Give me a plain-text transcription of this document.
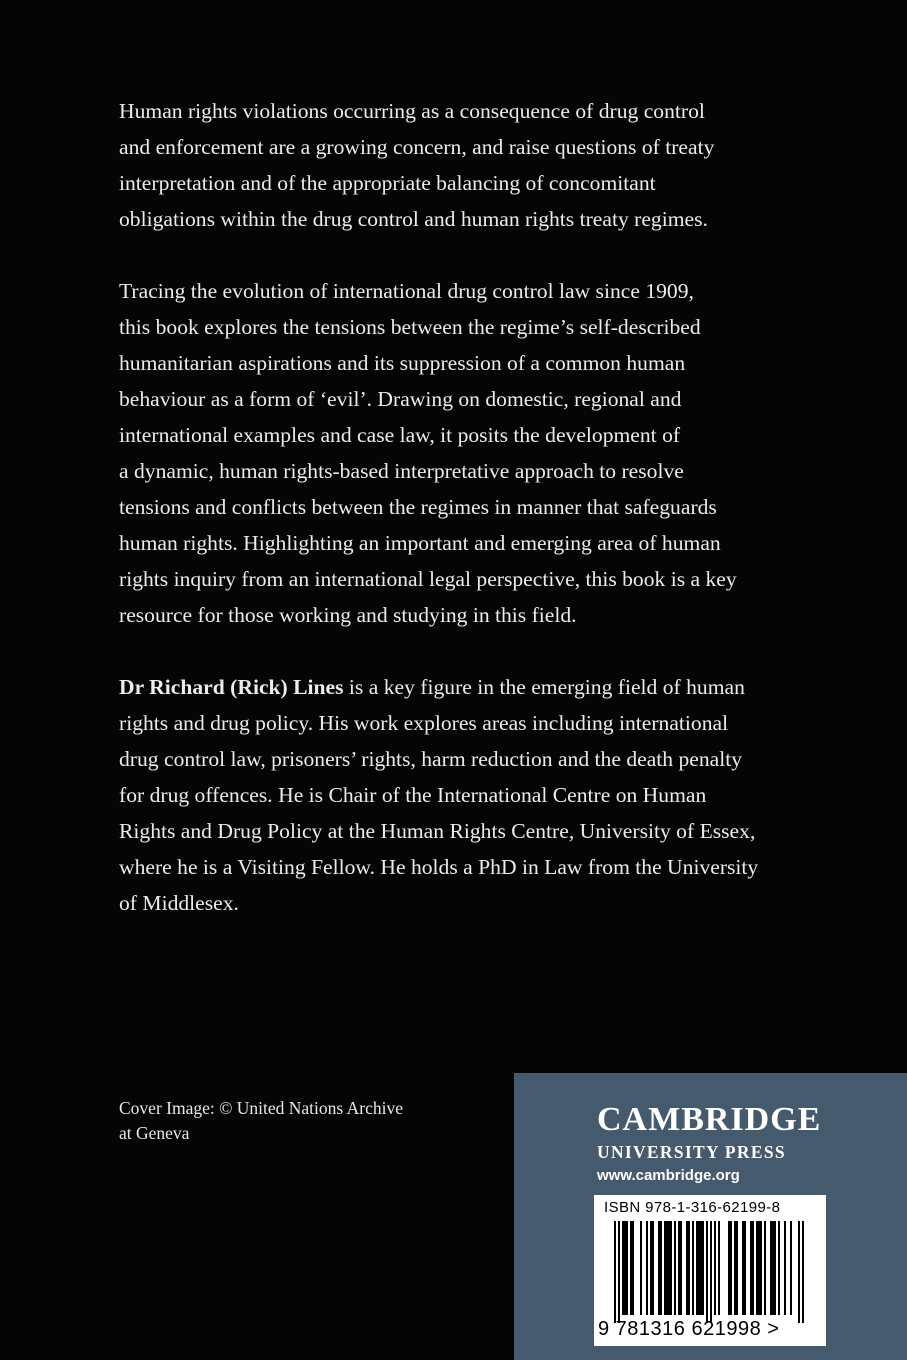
Human rights violations occurring as a consequence of drug control
and enforcement are a growing concern, and raise questions of treaty
interpretation and of the appropriate balancing of concomitant
obligations within the drug control and human rights treaty regimes.

Tracing the evolution of international drug control law since 1909,
this book explores the tensions between the regime’s self-described
humanitarian aspirations and its suppression of a common human
behaviour as a form of ‘evil’. Drawing on domestic, regional and
international examples and case law, it posits the development of
a dynamic, human rights-based interpretative approach to resolve
tensions and conflicts between the regimes in manner that safeguards
human rights. Highlighting an important and emerging area of human
rights inquiry from an international legal perspective, this book is a key
resource for those working and studying in this field.

Dr Richard (Rick) Lines is a key figure in the emerging field of human
rights and drug policy. His work explores areas including international
drug control law, prisoners’ rights, harm reduction and the death penalty
for drug offences. He is Chair of the International Centre on Human
Rights and Drug Policy at the Human Rights Centre, University of Essex,
where he is a Visiting Fellow. He holds a PhD in Law from the University
of Middlesex.

Cover Image: © United Nations Archive
at Geneva	CAMBRIDGE
UNIVERSITY PRESS
www.cambridge.org
ISBN 978-1-316-62199-8
9 781316 621998 >
